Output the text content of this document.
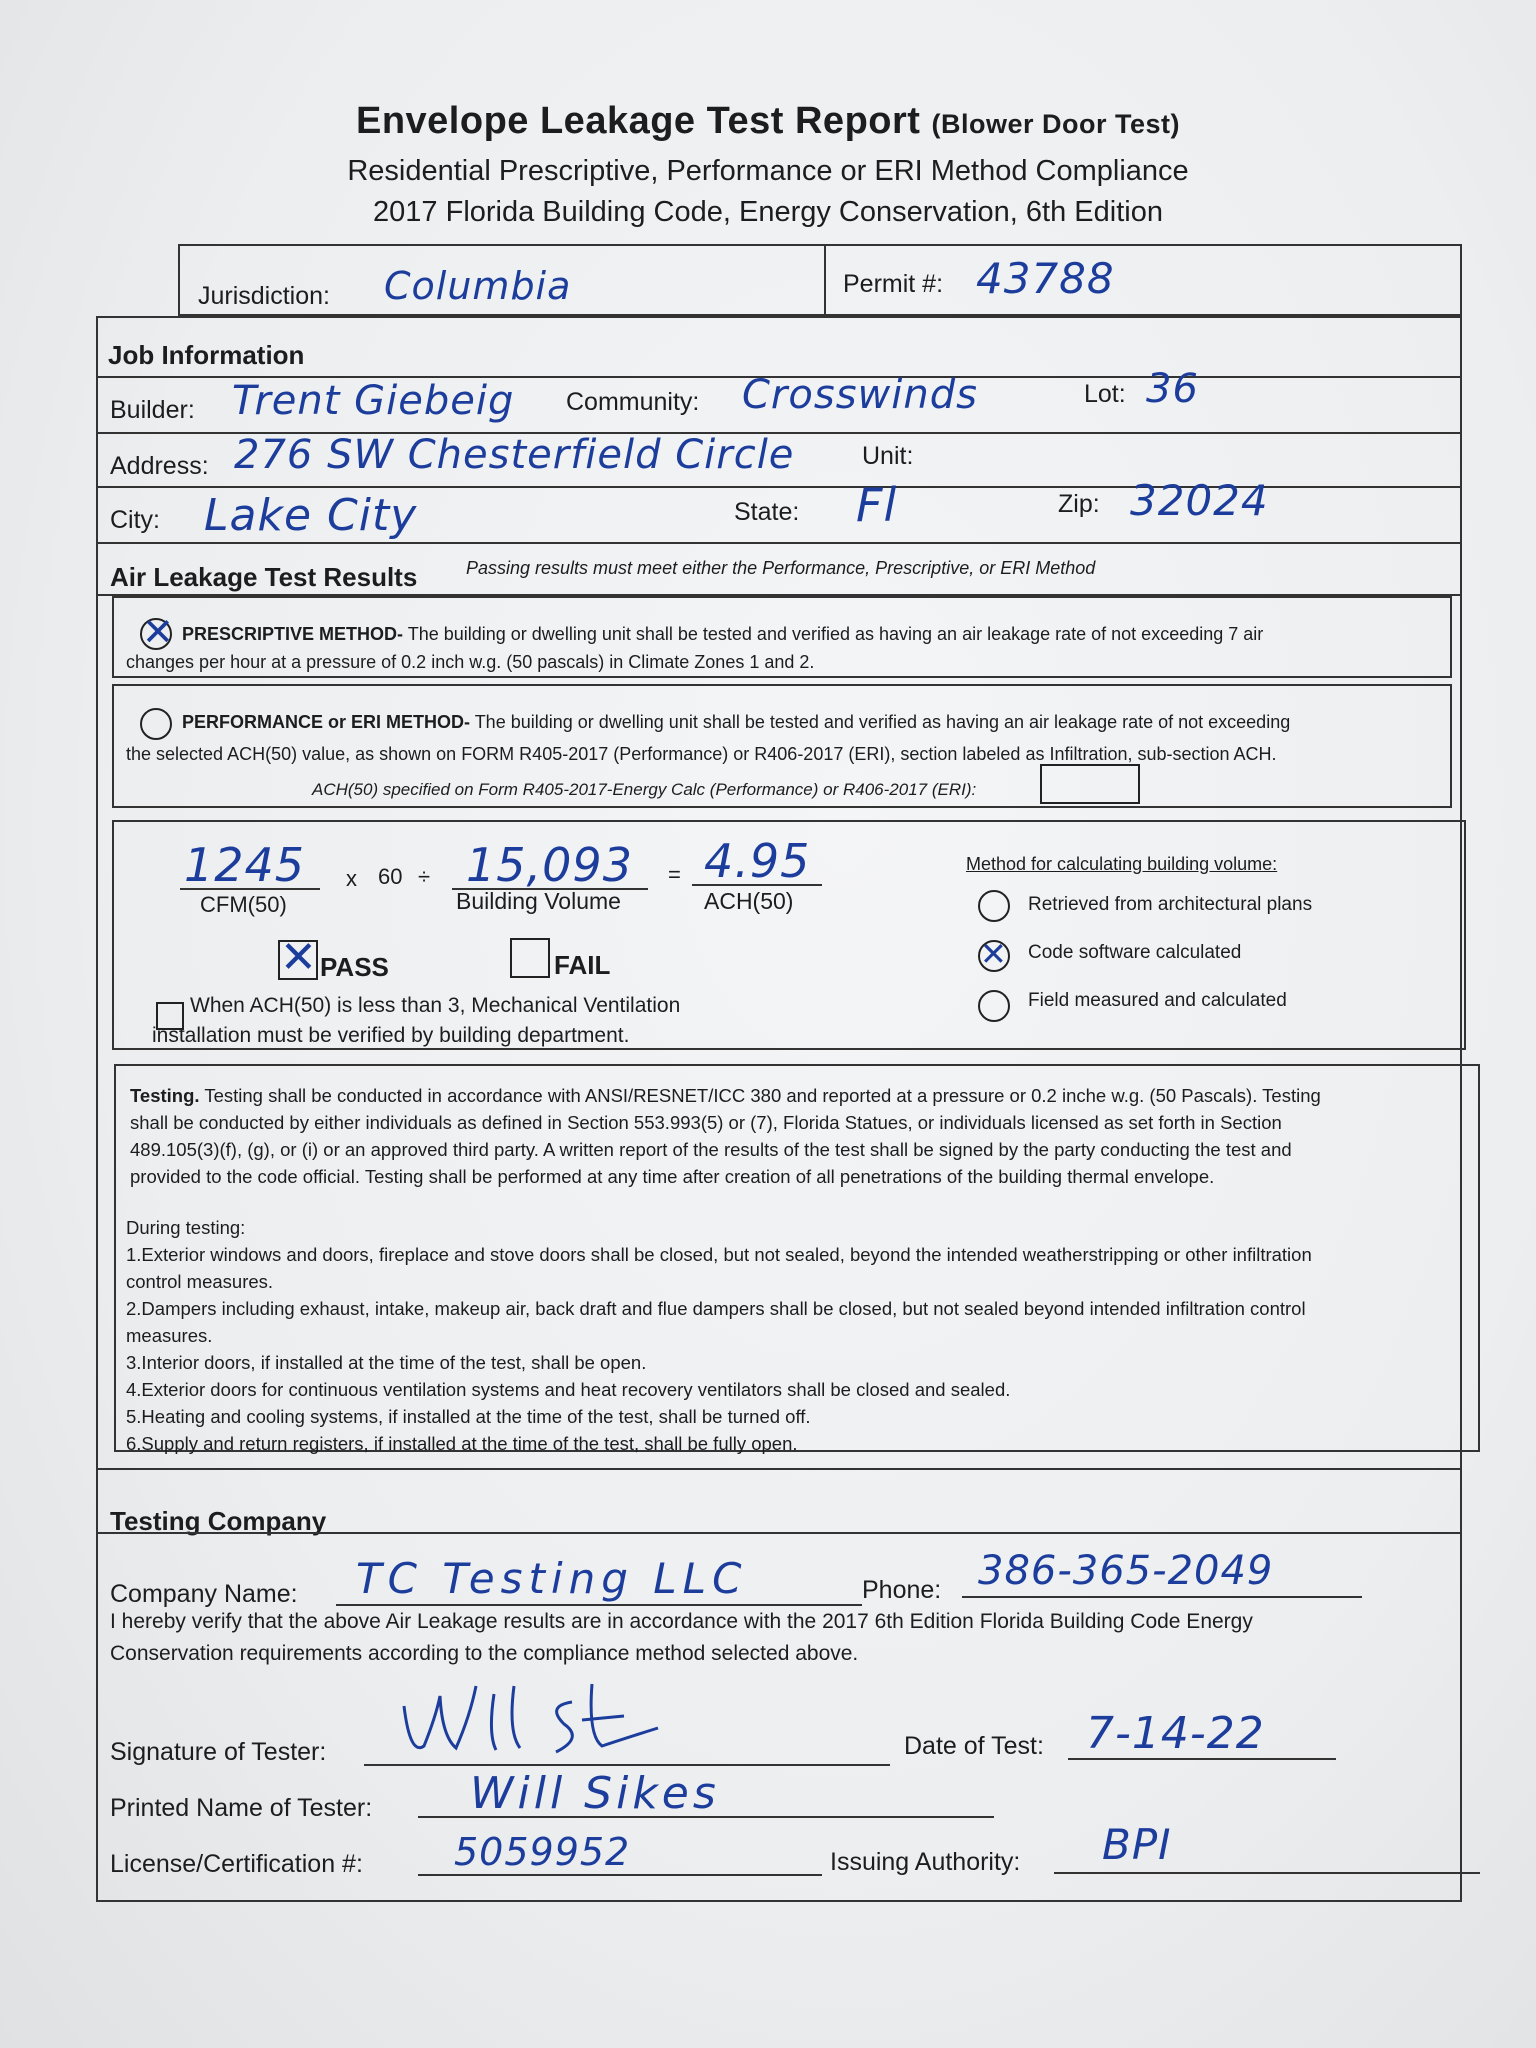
Envelope Leakage Test Report (Blower Door Test)
Residential Prescriptive, Performance or ERI Method Compliance
2017 Florida Building Code, Energy Conservation, 6th Edition
Jurisdiction: Columbia	Permit #: 43788
Job Information
Builder: Trent Giebeig Community: Crosswinds	Lot: 36
Address: 276 SW Chesterfield Circle	Unit:
City: Lake City	State: Fl	Zip: 32024
Air Leakage Test Results	Passing results must meet either the Performance, Prescriptive, or ERI Method
✕ PRESCRIPTIVE METHOD- The building or dwelling unit shall be tested and verified as having an air leakage rate of not exceeding 7 air
changes per hour at a pressure of 0.2 inch w.g. (50 pascals) in Climate Zones 1 and 2.
PERFORMANCE or ERI METHOD- The building or dwelling unit shall be tested and verified as having an air leakage rate of not exceeding
the selected ACH(50) value, as shown on FORM R405-2017 (Performance) or R406-2017 (ERI), section labeled as Infiltration, sub-section ACH.
ACH(50) specified on Form R405-2017-Energy Calc (Performance) or R406-2017 (ERI):
1245
CFM(50)
x 60 ÷ 15,093
Building Volume
= 4.95
ACH(50)
✕ PASS	FAIL
When ACH(50) is less than 3, Mechanical Ventilation
installation must be verified by building department.
Method for calculating building volume:
Retrieved from architectural plans
✕ Code software calculated
Field measured and calculated
Testing. Testing shall be conducted in accordance with ANSI/RESNET/ICC 380 and reported at a pressure or 0.2 inche w.g. (50 Pascals). Testing
shall be conducted by either individuals as defined in Section 553.993(5) or (7), Florida Statues, or individuals licensed as set forth in Section
489.105(3)(f), (g), or (i) or an approved third party. A written report of the results of the test shall be signed by the party conducting the test and
provided to the code official. Testing shall be performed at any time after creation of all penetrations of the building thermal envelope.
During testing:
1.Exterior windows and doors, fireplace and stove doors shall be closed, but not sealed, beyond the intended weatherstripping or other infiltration
control measures.
2.Dampers including exhaust, intake, makeup air, back draft and flue dampers shall be closed, but not sealed beyond intended infiltration control
measures.
3.Interior doors, if installed at the time of the test, shall be open.
4.Exterior doors for continuous ventilation systems and heat recovery ventilators shall be closed and sealed.
5.Heating and cooling systems, if installed at the time of the test, shall be turned off.
6.Supply and return registers, if installed at the time of the test, shall be fully open.
Testing Company
Company Name: TC Testing LLC	Phone: 386-365-2049
I hereby verify that the above Air Leakage results are in accordance with the 2017 6th Edition Florida Building Code Energy
Conservation requirements according to the compliance method selected above.
Signature of Tester:	Date of Test: 7-14-22
Printed Name of Tester: Will Sikes
License/Certification #: 5059952	Issuing Authority: BPI
